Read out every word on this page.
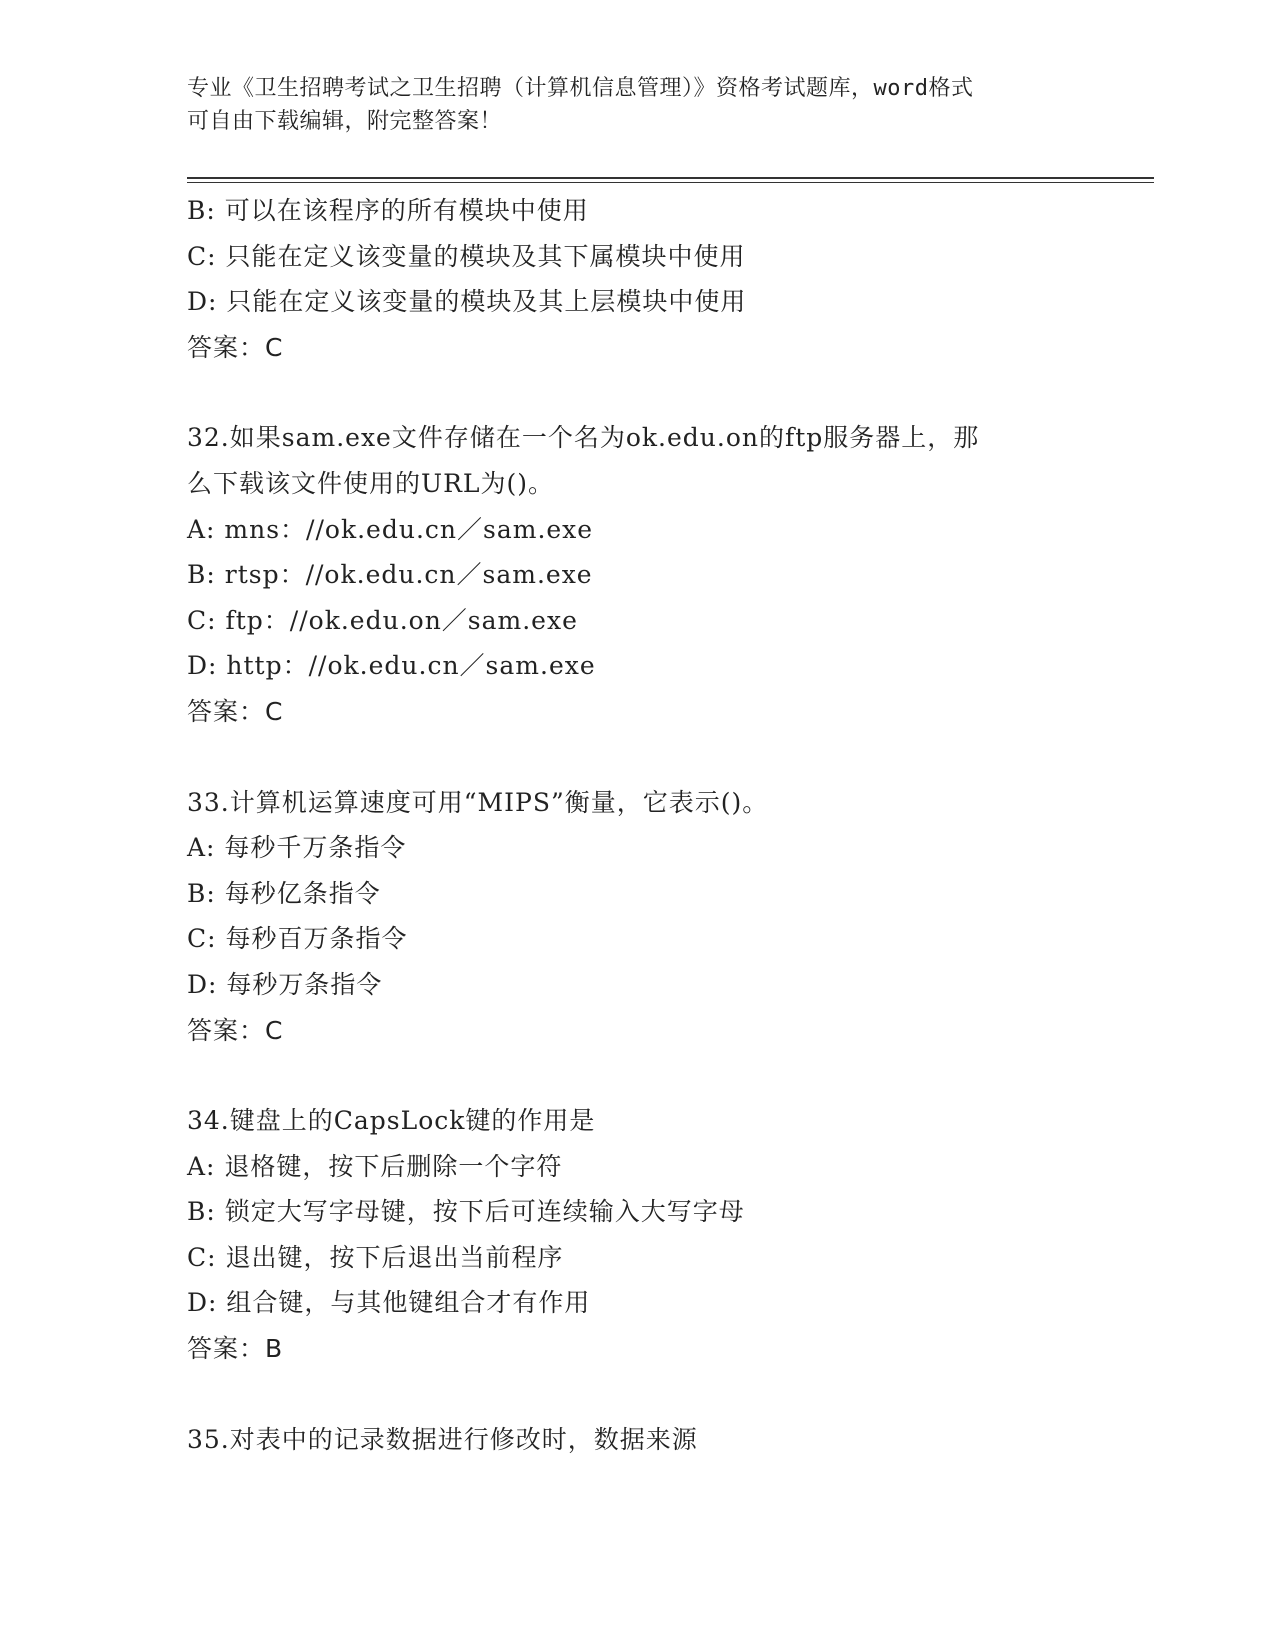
专业《卫生招聘考试之卫生招聘（计算机信息管理）》资格考试题库，word格式
可自由下载编辑，附完整答案！
B: 可以在该程序的所有模块中使用
C: 只能在定义该变量的模块及其下属模块中使用
D: 只能在定义该变量的模块及其上层模块中使用
答案：C
32.如果sam.exe文件存储在一个名为ok.edu.on的ftp服务器上，那
么下载该文件使用的URL为()。
A: mns：//ok.edu.cn／sam.exe
B: rtsp：//ok.edu.cn／sam.exe
C: ftp：//ok.edu.on／sam.exe
D: http：//ok.edu.cn／sam.exe
答案：C
33.计算机运算速度可用“MIPS”衡量，它表示()。
A: 每秒千万条指令
B: 每秒亿条指令
C: 每秒百万条指令
D: 每秒万条指令
答案：C
34.键盘上的CapsLock键的作用是
A: 退格键，按下后删除一个字符
B: 锁定大写字母键，按下后可连续输入大写字母
C: 退出键，按下后退出当前程序
D: 组合键，与其他键组合才有作用
答案：B
35.对表中的记录数据进行修改时，数据来源
